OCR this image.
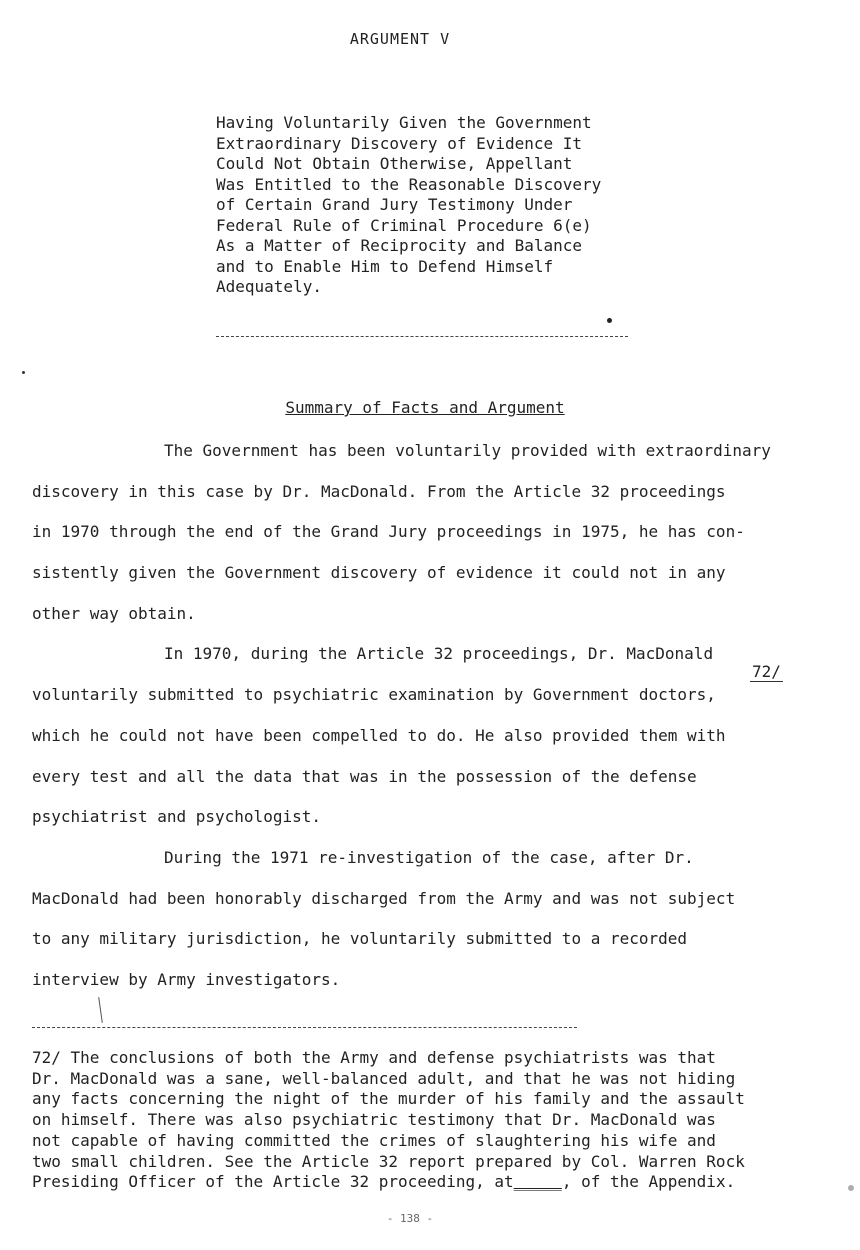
ARGUMENT V
Having Voluntarily Given the Government
Extraordinary Discovery of Evidence It
Could Not Obtain Otherwise, Appellant
Was Entitled to the Reasonable Discovery
of Certain Grand Jury Testimony Under
Federal Rule of Criminal Procedure 6(e)
As a Matter of Reciprocity and Balance
and to Enable Him to Defend Himself
Adequately.
Summary of Facts and Argument
The Government has been voluntarily provided with extraordinary
discovery in this case by Dr. MacDonald. From the Article 32 proceedings
in 1970 through the end of the Grand Jury proceedings in 1975, he has con-
sistently given the Government discovery of evidence it could not in any
other way obtain.
In 1970, during the Article 32 proceedings, Dr. MacDonald
voluntarily submitted to psychiatric examination by Government doctors,
which he could not have been compelled to do. He also provided them with
every test and all the data that was in the possession of the defense
psychiatrist and psychologist.
During the 1971 re-investigation of the case, after Dr.
MacDonald had been honorably discharged from the Army and was not subject
to any military jurisdiction, he voluntarily submitted to a recorded
interview by Army investigators.
72/
72/ The conclusions of both the Army and defense psychiatrists was that
Dr. MacDonald was a sane, well-balanced adult, and that he was not hiding
any facts concerning the night of the murder of his family and the assault
on himself. There was also psychiatric testimony that Dr. MacDonald was
not capable of having committed the crimes of slaughtering his wife and
two small children. See the Article 32 report prepared by Col. Warren Rock
Presiding Officer of the Article 32 proceeding, at_____, of the Appendix.
- 138 -
